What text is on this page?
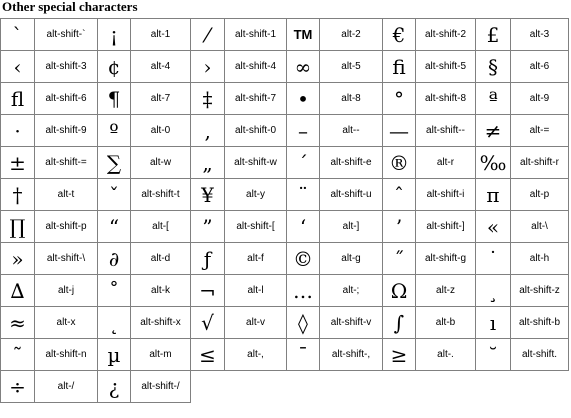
Other special characters
`	alt-shift-`	¡	alt-1	⁄	alt-shift-1	TM	alt-2	€	alt-shift-2	£	alt-3
‹	alt-shift-3	¢	alt-4	›	alt-shift-4	∞	alt-5	ﬁ	alt-shift-5	§	alt-6
ﬂ	alt-shift-6	¶	alt-7	‡	alt-shift-7	•	alt-8	°	alt-shift-8	ª	alt-9
·	alt-shift-9	º	alt-0	‚	alt-shift-0	–	alt--	—	alt-shift--	≠	alt-=
±	alt-shift-=	∑	alt-w	„	alt-shift-w	´	alt-shift-e	®	alt-r	‰	alt-shift-r
†	alt-t	ˇ	alt-shift-t	¥	alt-y	¨	alt-shift-u	ˆ	alt-shift-i	π	alt-p
∏	alt-shift-p	“	alt-[	”	alt-shift-[	‘	alt-]	’	alt-shift-]	«	alt-\
»	alt-shift-\	∂	alt-d	ƒ	alt-f	©	alt-g	˝	alt-shift-g	˙	alt-h
∆	alt-j	˚	alt-k	¬	alt-l	…	alt-;	Ω	alt-z	¸	alt-shift-z
≈	alt-x	˛	alt-shift-x	√	alt-v	◊	alt-shift-v	∫	alt-b	ı	alt-shift-b
˜	alt-shift-n	µ	alt-m	≤	alt-,	¯	alt-shift-,	≥	alt-.	˘	alt-shift.
÷	alt-/	¿	alt-shift-/								
